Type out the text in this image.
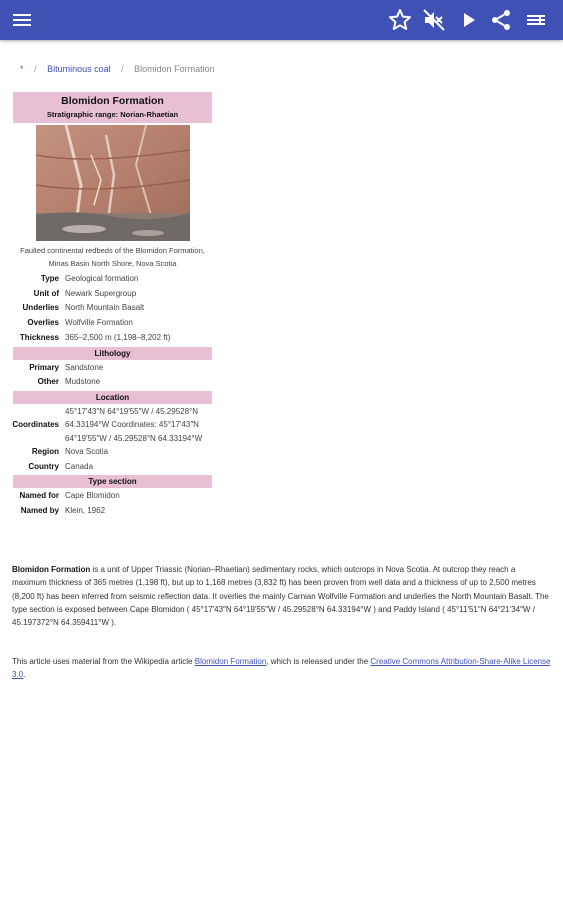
* / Bituminous coal / Blomidon Formation
Blomidon Formation
Stratigraphic range: Norian-Rhaetian
Faulted continental redbeds of the Blomidon Formation, Minas Basin North Shore, Nova Scotia
Type Geological formation
Unit of Newark Supergroup
Underlies North Mountain Basalt
Overlies Wolfville Formation
Thickness 365–2,500 m (1,198–8,202 ft)
Lithology
Primary Sandstone
Other Mudstone
Location
Coordinates
45°17′43″N 64°19′55″W / 45.29528°N 64.33194°W Coordinates: 45°17′43″N 64°19′55″W / 45.29528°N 64.33194°W
Region Nova Scotia
Country Canada
Type section
Named for Cape Blomidon
Named by Klein, 1962
Blomidon Formation is a unit of Upper Triassic (Norian–Rhaetian) sedimentary rocks, which outcrops in Nova Scotia. At outcrop they reach a maximum thickness of 365 metres (1,198 ft), but up to 1,168 metres (3,832 ft) has been proven from well data and a thickness of up to 2,500 metres (8,200 ft) has been inferred from seismic reflection data. It overlies the mainly Carnian Wolfville Formation and underlies the North Mountain Basalt. The type section is exposed between Cape Blomidon ( 45°17′43″N 64°19′55″W / 45.29528°N 64.33194°W ) and Paddy Island ( 45°11′51″N 64°21′34″W / 45.197372°N 64.359411°W ).
This article uses material from the Wikipedia article Blomidon Formation, which is released under the Creative Commons Attribution-Share-Alike License 3.0.
